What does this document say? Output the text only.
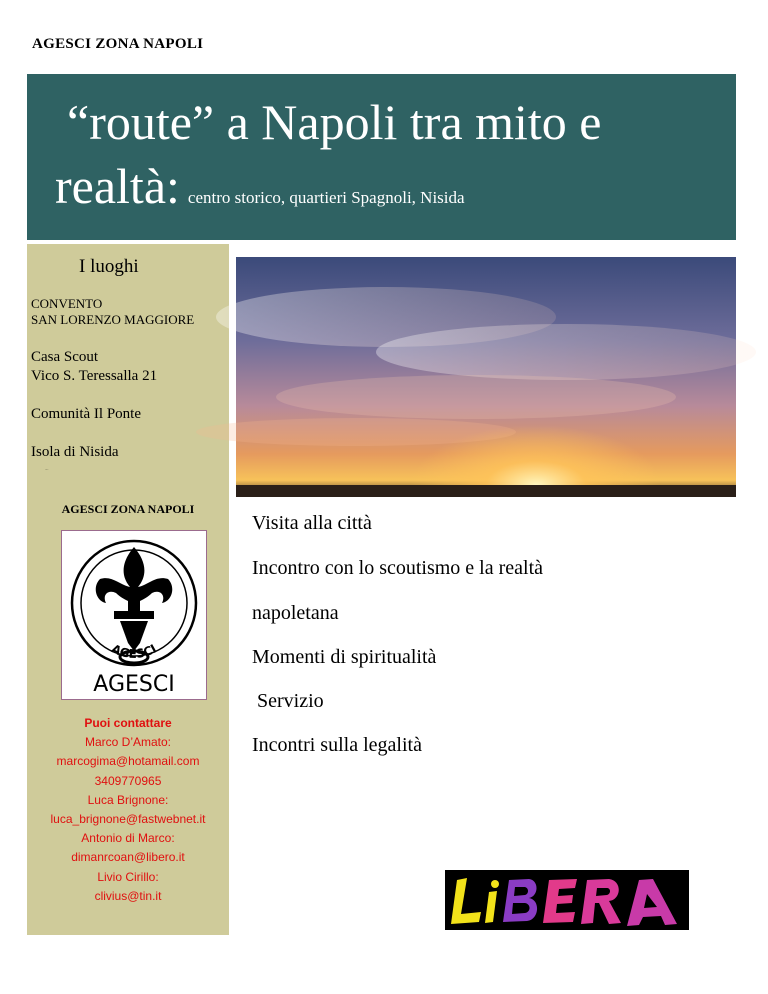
AGESCI ZONA NAPOLI
“route” a Napoli tra mito e
realtà: centro storico, quartieri Spagnoli, Nisida
I luoghi
CONVENTO
SAN LORENZO MAGGIORE
Casa Scout
Vico S. Teressalla 21
Comunità Il Ponte
Isola di Nisida
AGESCI ZONA NAPOLI
AGESCI
AGESCI
Puoi contattare
Marco D’Amato:
marcogima@hotamail.com
3409770965
Luca Brignone:
luca_brignone@fastwebnet.it
Antonio di Marco:
dimanrcoan@libero.it
Livio Cirillo:
clivius@tin.it
Visita alla città
Incontro con lo scoutismo e la realtà
napoletana
Momenti di spiritualità
Servizio
Incontri sulla legalità
LiBERA
